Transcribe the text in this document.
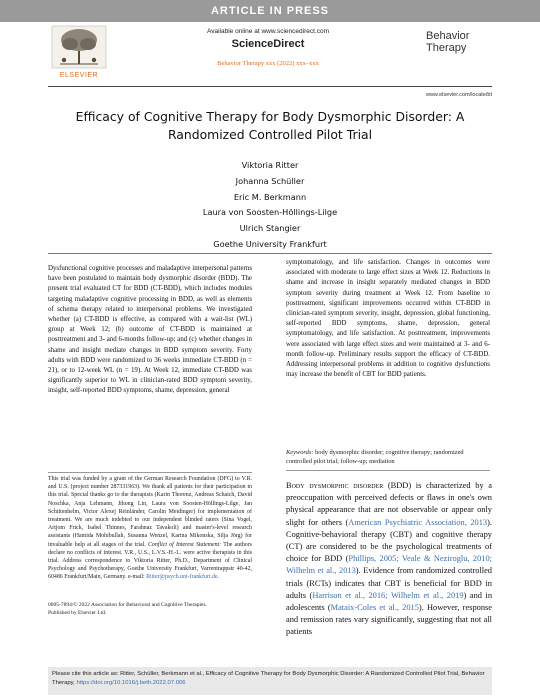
ARTICLE IN PRESS
ELSEVIER
Available online at www.sciencedirect.com
ScienceDirect
Behavior Therapy xxx (2022) xxx–xxx
Behavior
Therapy
www.elsevier.com/locate/bt
Efficacy of Cognitive Therapy for Body Dysmorphic Disorder: A
Randomized Controlled Pilot Trial
Viktoria Ritter
Johanna Schüller
Eric M. Berkmann
Laura von Soosten-Höllings-Lilge
Ulrich Stangier
Goethe University Frankfurt
Dysfunctional cognitive processes and maladaptive interpersonal patterns have been postulated to maintain body dysmorphic disorder (BDD). The present trial evaluated CT for BDD (CT-BDD), which includes modules targeting maladaptive cognitive processing in BDD, as well as elements of schema therapy related to interpersonal problems. We investigated whether (a) CT-BDD is effective, as compared with a wait-list (WL) group at Week 12; (b) outcome of CT-BDD is maintained at posttreatment and 3- and 6-months follow-up; and (c) whether changes in shame and insight mediate changes in BDD symptom severity. Forty adults with BDD were randomized to 36 weeks immediate CT-BDD (n = 21), or to 12-week WL (n = 19). At Week 12, immediate CT-BDD was significantly superior to WL in clinician-rated BDD symptom severity, insight, self-reported BDD symptoms, shame, depression, general
symptomatology, and life satisfaction. Changes in outcomes were associated with moderate to large effect sizes at Week 12. Reductions in shame and increase in insight separately mediated changes in BDD symptom severity during treatment at Week 12. From baseline to posttreatment, significant improvements occurred within CT-BDD in clinician-rated symptom severity, insight, depression, global functioning, self-reported BDD symptoms, shame, depression, general symptomatology, and life satisfaction. At posttreatment, improvements were associated with large effect sizes and were maintained at 3- and 6-month follow-up. Preliminary results support the efficacy of CT-BDD. Addressing interpersonal problems in addition to cognitive dysfunctions may increase the benefit of CBT for BDD patients.
Keywords: body dysmorphic disorder; cognitive therapy; randomized controlled pilot trial; follow-up; mediation
This trial was funded by a grant of the German Research Foundation (DFG) to V.R. and U.S. (project number 287331963). We thank all patients for their participation in this trial. Special thanks go to the therapists (Karin Thorenz, Andreas Schaich, David Noschka, Anja Lehmann, Jihong Lin, Laura von Soosten-Höllings-Lilge, Jan Schittenhelm, Victor Alexej Reinländer, Carolin Meidinger) for implementation of treatment. We are much indebted to our independent blinded raters (Sina Vogel, Artjom Frick, Isabel Thinnes, Farahnaz Tavakoli) and master's-level research assistants (Hamida Mohibullah, Susanna Wenzel, Karina Mikonska, Silja Jörg) for invaluable help at all stages of the trial. Conflict of Interest Statement: The authors declare no conflicts of interest. V.R., U.S., L.V.S.-H.-L. were active therapists in this trial. Address correspondence to Viktoria Ritter, Ph.D., Department of Clinical Psychology and Psychotherapy, Goethe University Frankfurt, Varrentrappstr 40-42, 60486 Frankfurt/Main, Germany. e-mail: Ritter@psych.uni-frankfurt.de.
0005-7894/© 2022 Association for Behavioral and Cognitive Therapies.
Published by Elsevier Ltd.
Body dysmorphic disorder (BDD) is characterized by a preoccupation with perceived defects or flaws in one's own physical appearance that are not observable or appear only slight for others (American Psychiatric Association, 2013). Cognitive-behavioral therapy (CBT) and cognitive therapy (CT) are considered to be the psychological treatments of choice for BDD (Phillips, 2005; Veale & Neziroglu, 2010; Wilhelm et al., 2013). Evidence from randomized controlled trials (RCTs) indicates that CBT is beneficial for BDD in adults (Harrison et al., 2016; Wilhelm et al., 2019) and in adolescents (Mataix-Coles et al., 2015). However, response and remission rates vary significantly, suggesting that not all patients
Please cite this article as: Ritter, Schüller, Berkmann et al., Efficacy of Cognitive Therapy for Body Dysmorphic Disorder: A Randomized Controlled Pilot Trial, Behavior Therapy, https://doi.org/10.1016/j.beth.2022.07.006
